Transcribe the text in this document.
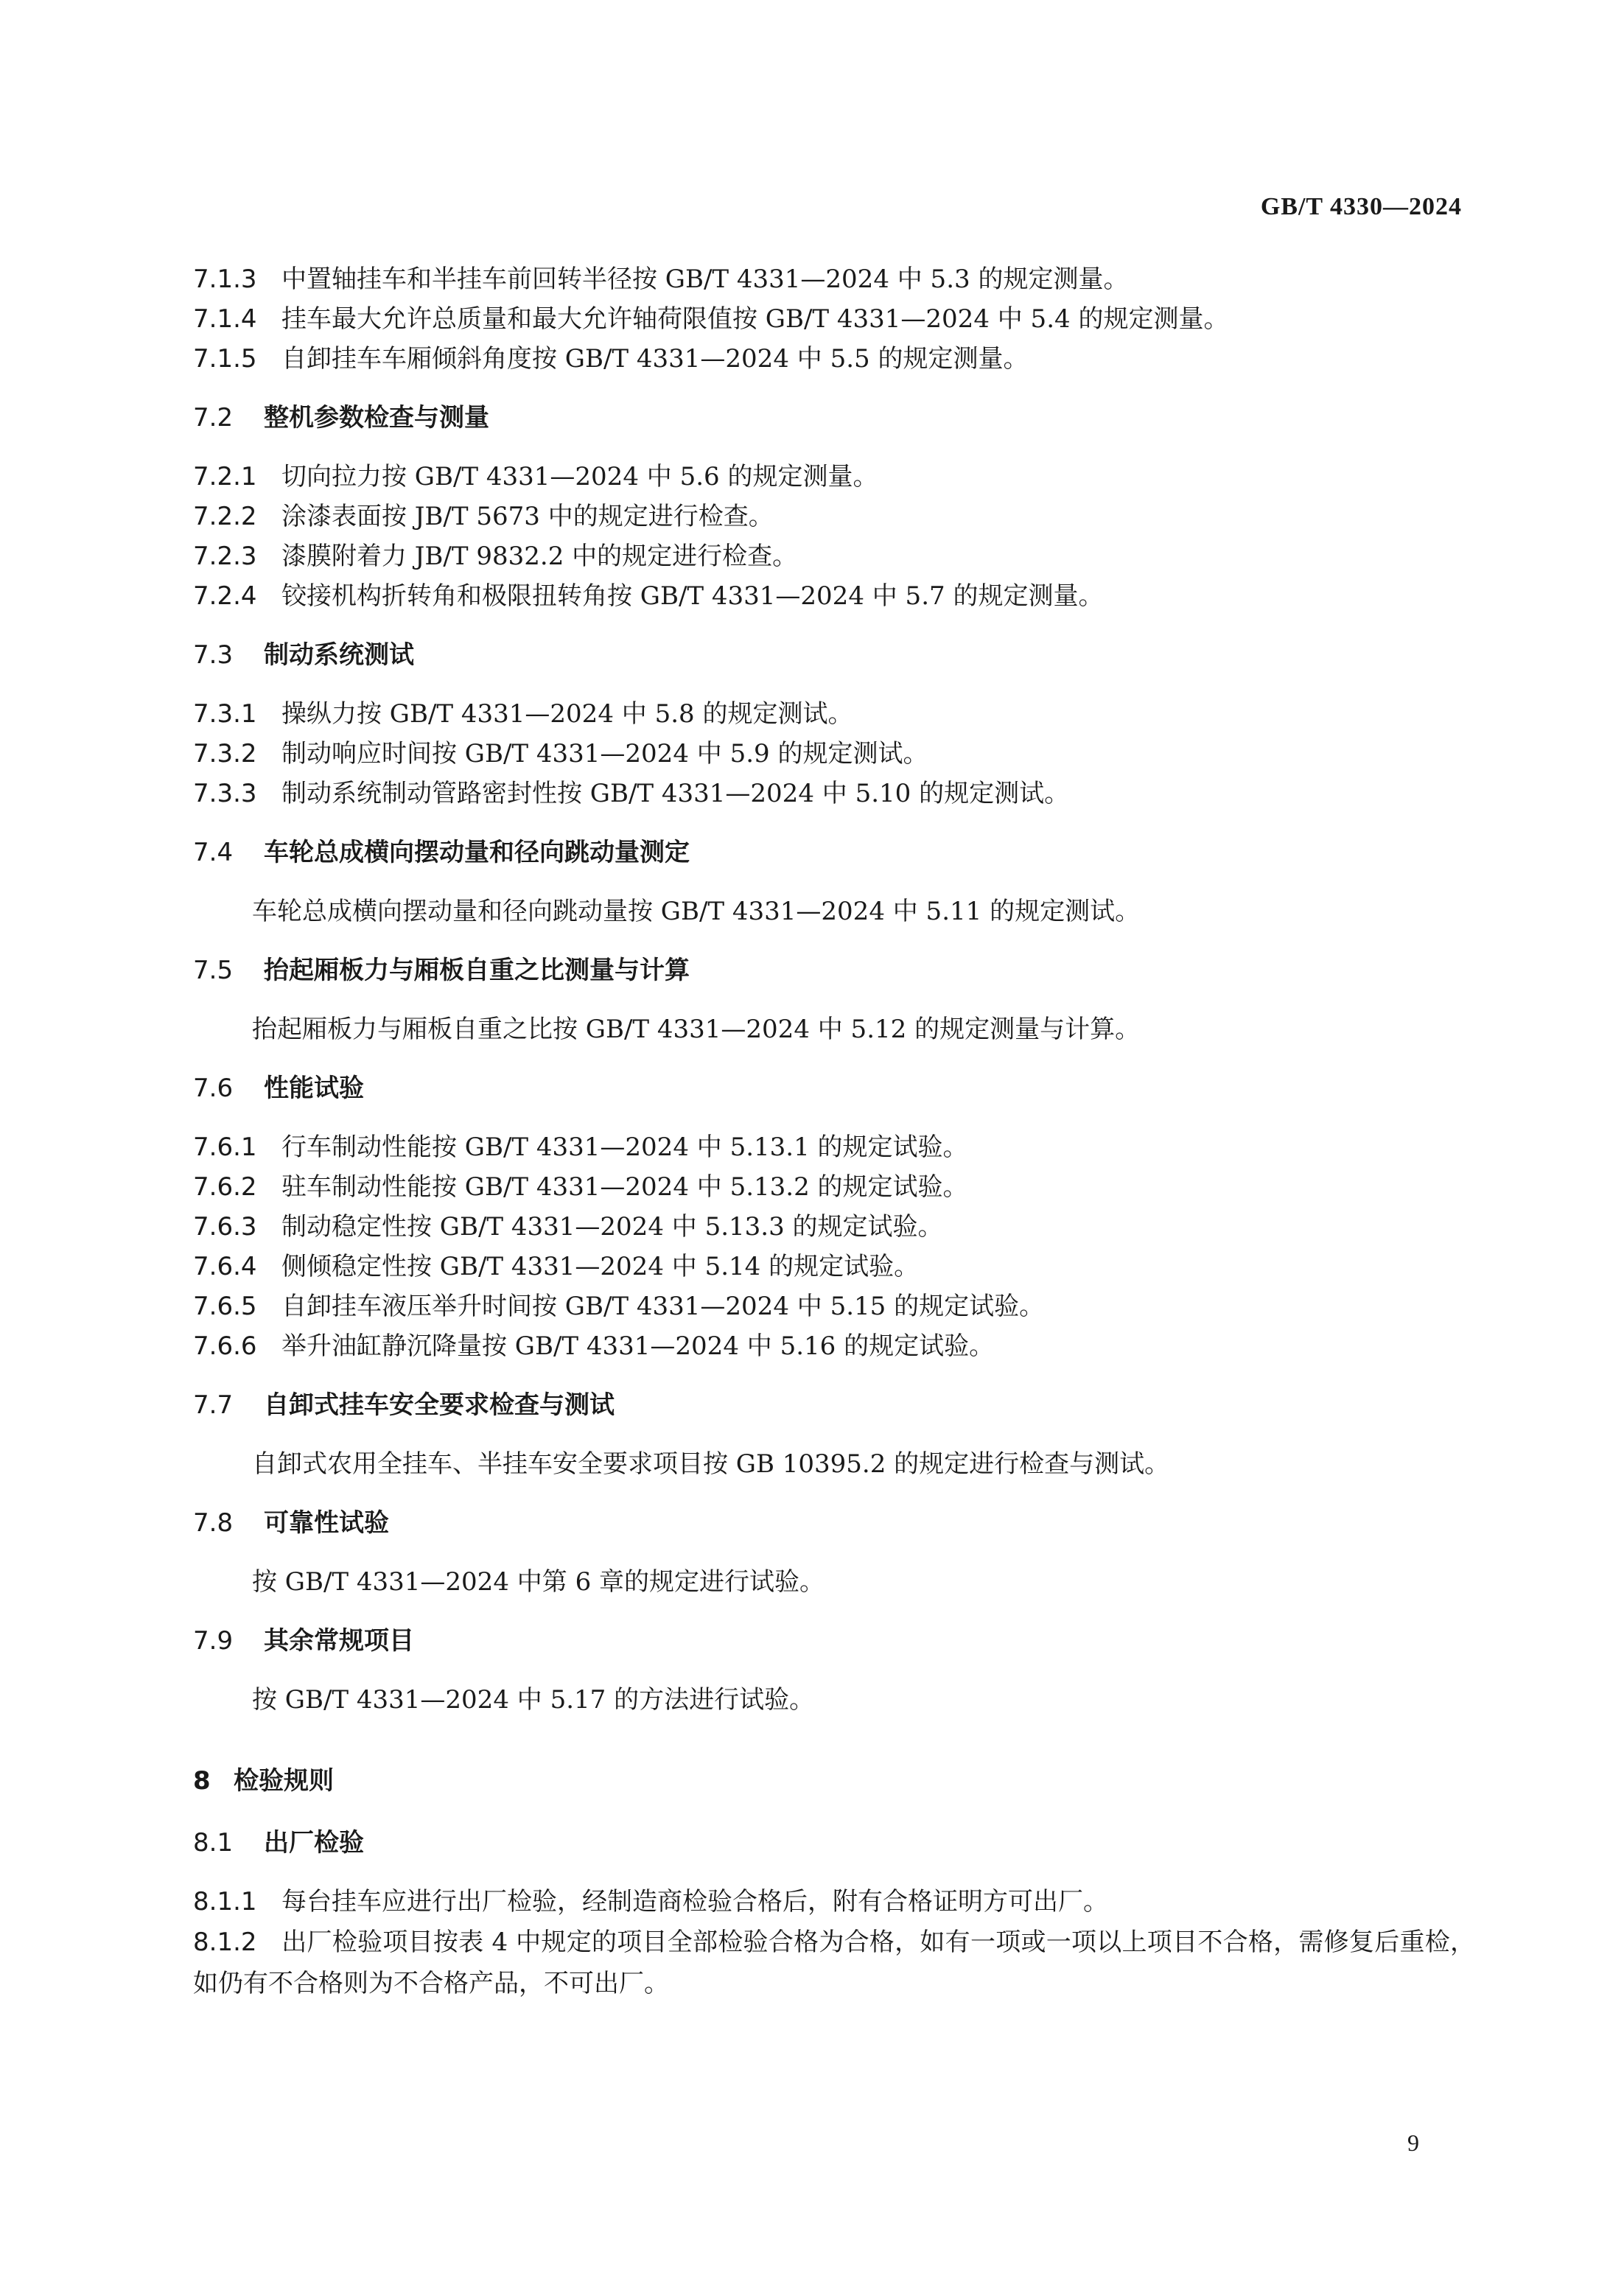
GB/T 4330—2024
7.1.3 中置轴挂车和半挂车前回转半径按 GB/T 4331—2024 中 5.3 的规定测量。
7.1.4 挂车最大允许总质量和最大允许轴荷限值按 GB/T 4331—2024 中 5.4 的规定测量。
7.1.5 自卸挂车车厢倾斜角度按 GB/T 4331—2024 中 5.5 的规定测量。
7.2 整机参数检查与测量
7.2.1 切向拉力按 GB/T 4331—2024 中 5.6 的规定测量。
7.2.2 涂漆表面按 JB/T 5673 中的规定进行检查。
7.2.3 漆膜附着力 JB/T 9832.2 中的规定进行检查。
7.2.4 铰接机构折转角和极限扭转角按 GB/T 4331—2024 中 5.7 的规定测量。
7.3 制动系统测试
7.3.1 操纵力按 GB/T 4331—2024 中 5.8 的规定测试。
7.3.2 制动响应时间按 GB/T 4331—2024 中 5.9 的规定测试。
7.3.3 制动系统制动管路密封性按 GB/T 4331—2024 中 5.10 的规定测试。
7.4 车轮总成横向摆动量和径向跳动量测定
车轮总成横向摆动量和径向跳动量按 GB/T 4331—2024 中 5.11 的规定测试。
7.5 抬起厢板力与厢板自重之比测量与计算
抬起厢板力与厢板自重之比按 GB/T 4331—2024 中 5.12 的规定测量与计算。
7.6 性能试验
7.6.1 行车制动性能按 GB/T 4331—2024 中 5.13.1 的规定试验。
7.6.2 驻车制动性能按 GB/T 4331—2024 中 5.13.2 的规定试验。
7.6.3 制动稳定性按 GB/T 4331—2024 中 5.13.3 的规定试验。
7.6.4 侧倾稳定性按 GB/T 4331—2024 中 5.14 的规定试验。
7.6.5 自卸挂车液压举升时间按 GB/T 4331—2024 中 5.15 的规定试验。
7.6.6 举升油缸静沉降量按 GB/T 4331—2024 中 5.16 的规定试验。
7.7 自卸式挂车安全要求检查与测试
自卸式农用全挂车、半挂车安全要求项目按 GB 10395.2 的规定进行检查与测试。
7.8 可靠性试验
按 GB/T 4331—2024 中第 6 章的规定进行试验。
7.9 其余常规项目
按 GB/T 4331—2024 中 5.17 的方法进行试验。
8 检验规则
8.1 出厂检验
8.1.1 每台挂车应进行出厂检验，经制造商检验合格后，附有合格证明方可出厂。
8.1.2 出厂检验项目按表 4 中规定的项目全部检验合格为合格，如有一项或一项以上项目不合格，需修复后重检，如仍有不合格则为不合格产品，不可出厂。
9
